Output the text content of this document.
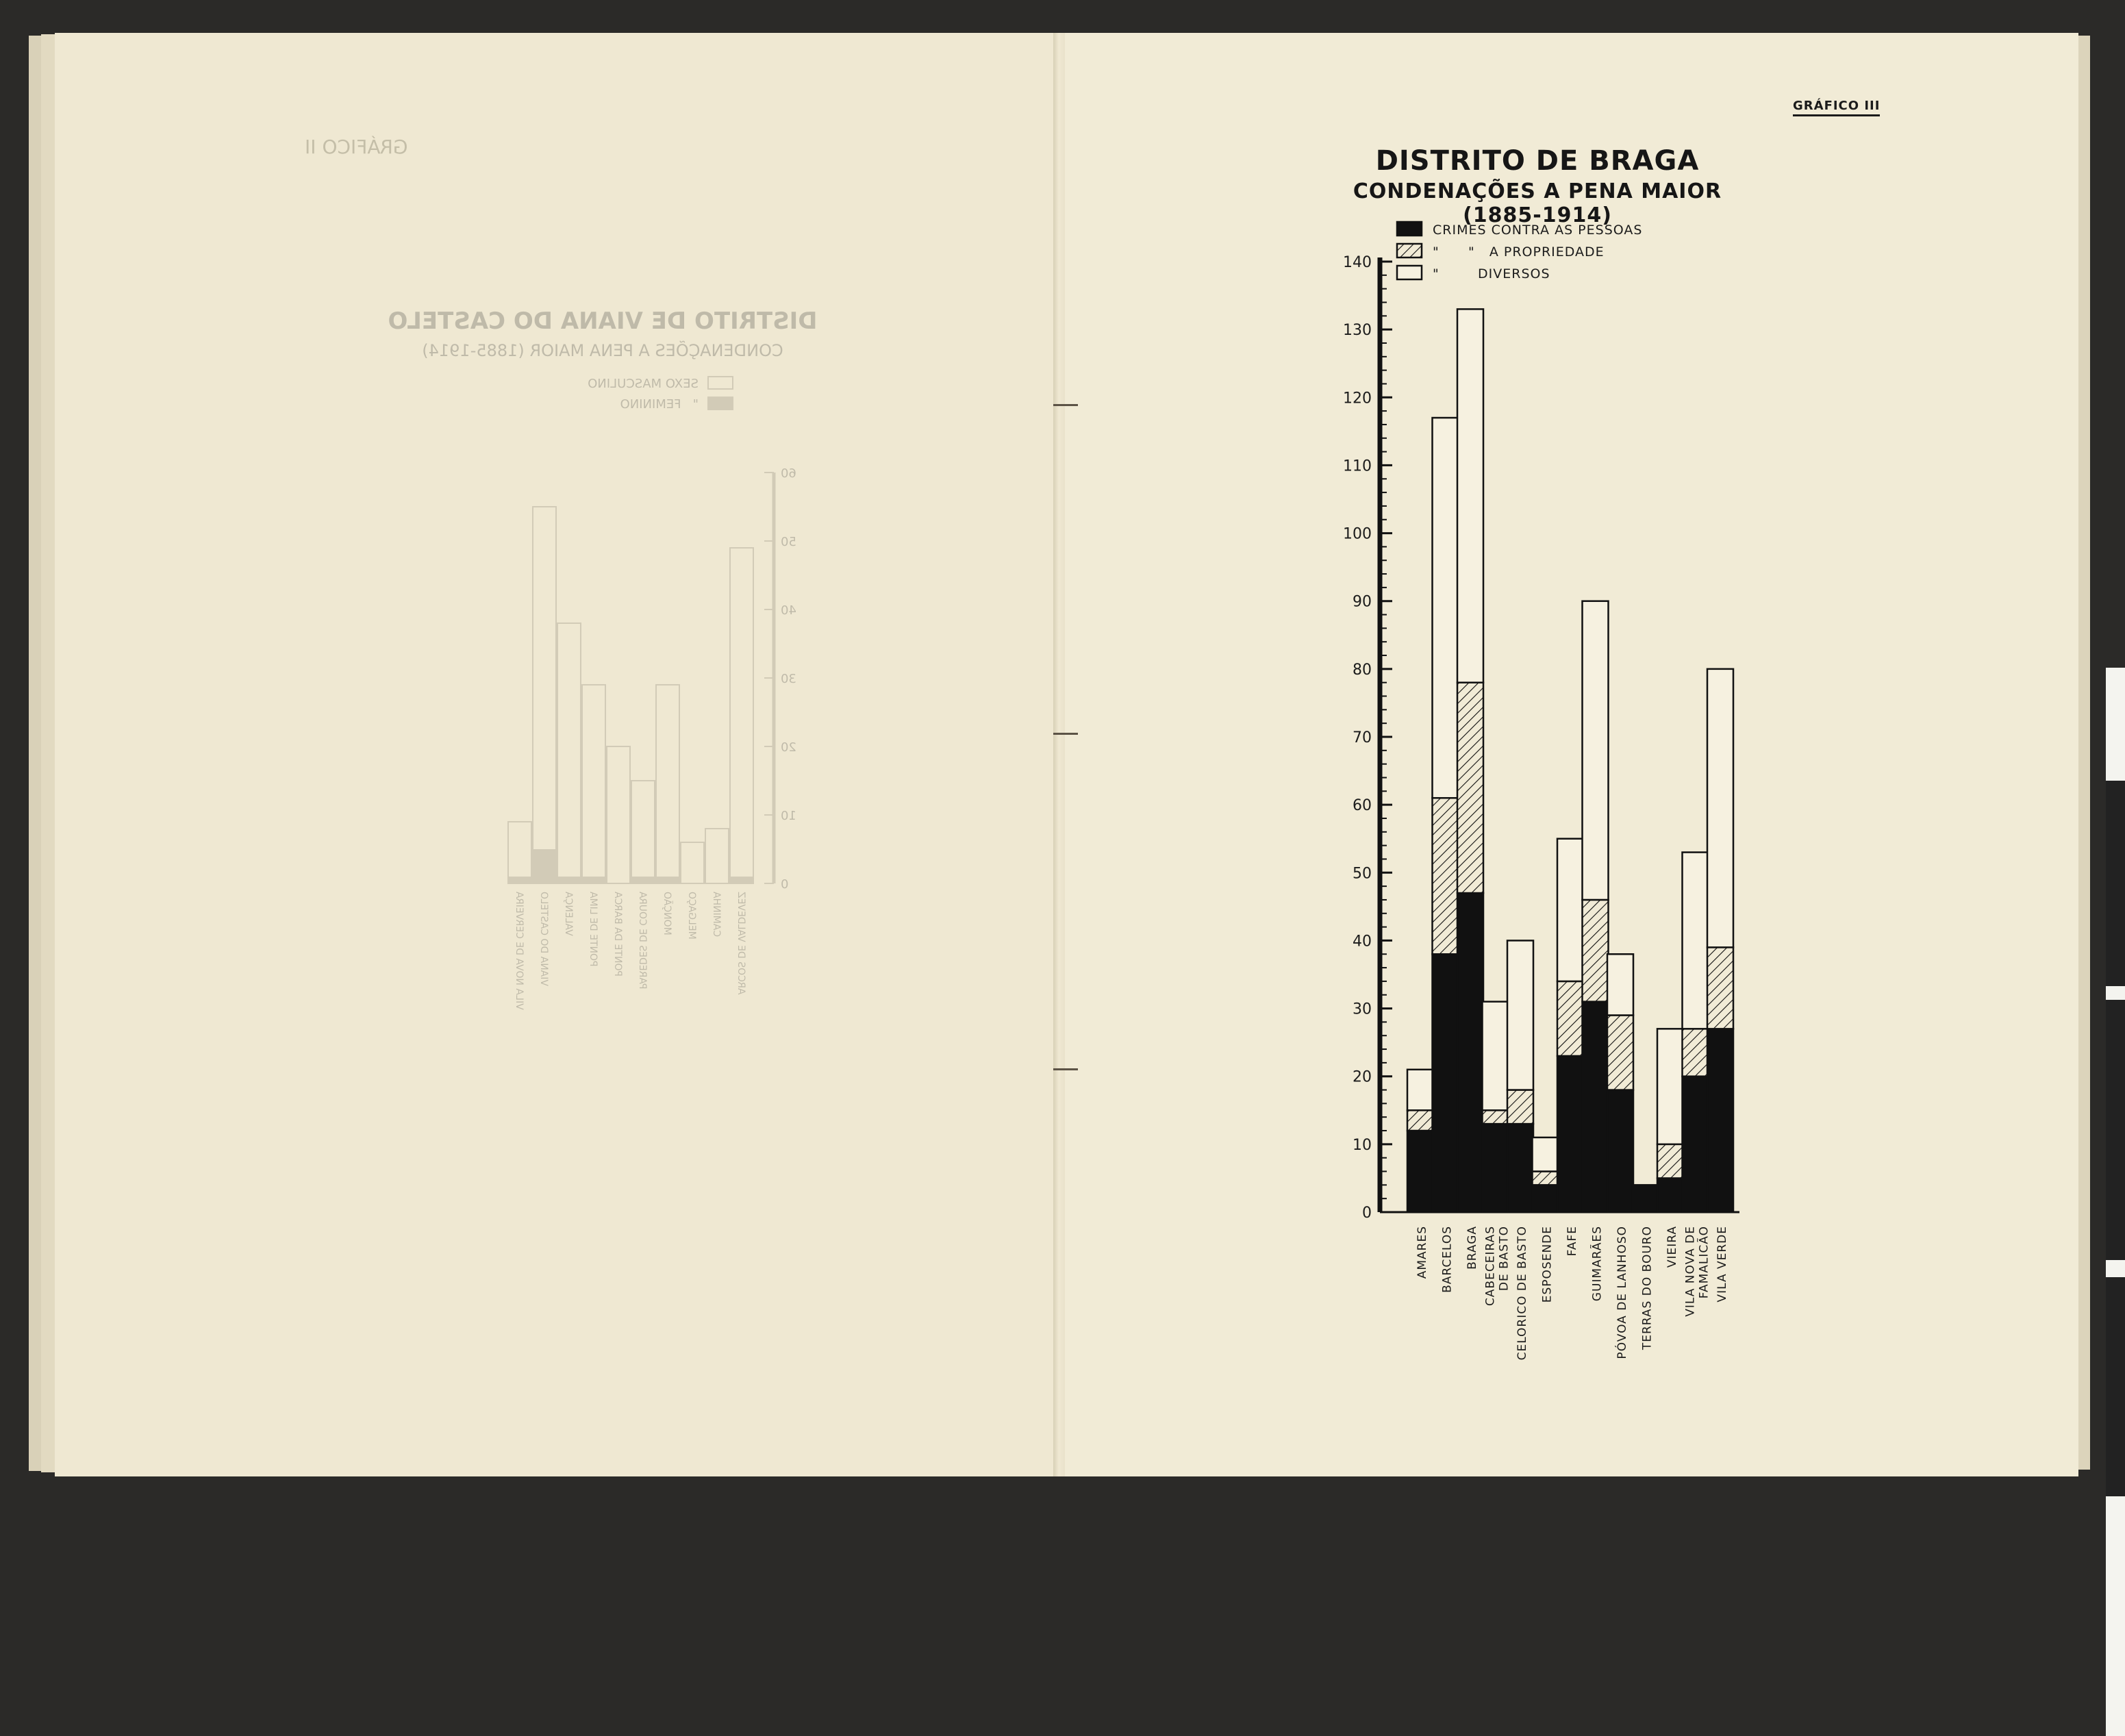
GRÁFICO II
DISTRITO DE VIANA DO CASTELO
CONDENAÇÕES A PENA MAIOR (1885-1914)
SEXO MASCULINO
"   FEMININO
0
10
20
30
40
50
60
ARCOS DE VALDEVEZ
CAMINHA
MELGAÇO
MONÇÃO
PAREDES DE COURA
PONTE DA BARCA
PONTE DE LIMA
VALENÇA
VIANA DO CASTELO
VILA NOVA DE CERVEIRA
GRÁFICO III
DISTRITO DE BRAGA
CONDENAÇÕES A PENA MAIOR (1885-1914)
CRIMES CONTRA AS PESSOAS
"      "   A PROPRIEDADE
"        DIVERSOS
0
10
20
30
40
50
60
70
80
90
100
110
120
130
140
AMARES BARCELOS BRAGA CABECEIRAS DE BASTO CELORICO DE BASTO ESPOSENDE FAFE GUIMARÃES PÓVOA DE LANHOSO TERRAS DO BOURO VIEIRA VILA NOVA DE FAMALICÃO VILA VERDE
